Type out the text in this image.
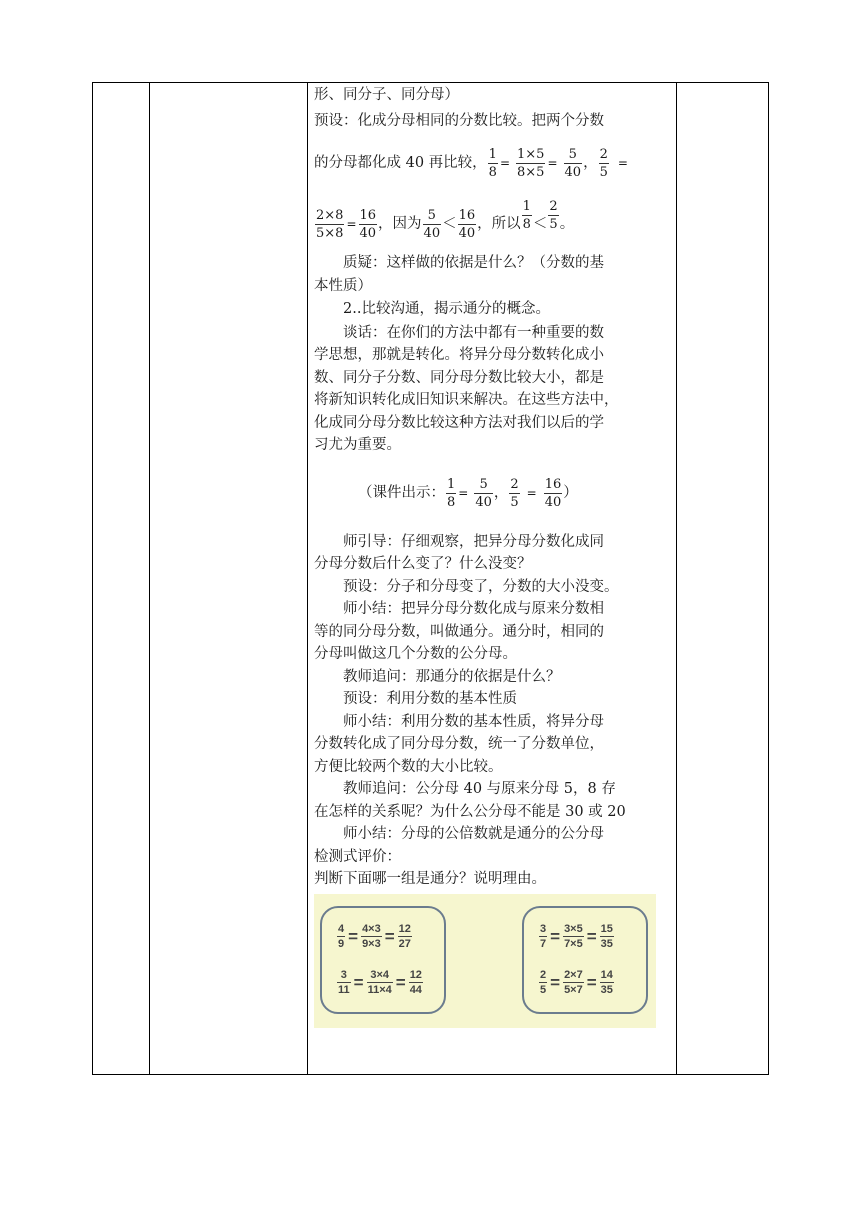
形、同分子、同分母）

预设：化成分母相同的分数比较。把两个分数

的分母都化成 40 再比较， $\frac{1}{8} = \frac{1\times 5}{8\times 5} = \frac{5}{40}$ ， $\frac{2}{5}$ =
$\frac{2\times 8}{5\times 8} = \frac{16}{40}$ ，因为 $\frac{5}{40} < \frac{16}{40}$ ，所以 $\frac{1}{8} < \frac{2}{5}$ 。

质疑：这样做的依据是什么？（分数的基

本性质）

2..比较沟通，揭示通分的概念。

谈话：在你们的方法中都有一种重要的数

学思想，那就是转化。将异分母分数转化成小

数、同分子分数、同分母分数比较大小，都是

将新知识转化成旧知识来解决。在这些方法中，

化成同分母分数比较这种方法对我们以后的学

习尤为重要。

（课件出示： $\frac{1}{8} = \frac{5}{40}$ ， $\frac{2}{5} = \frac{16}{40}$ ）

师引导：仔细观察，把异分母分数化成同

分母分数后什么变了？什么没变？

预设：分子和分母变了，分数的大小没变。

师小结：把异分母分数化成与原来分数相

等的同分母分数，叫做通分。通分时，相同的

分母叫做这几个分数的公分母。

教师追问：那通分的依据是什么？

预设：利用分数的基本性质

师小结：利用分数的基本性质，将异分母

分数转化成了同分母分数，统一了分数单位，

方便比较两个数的大小比较。

教师追问：公分母 40 与原来分母 5，8 存

在怎样的关系呢？为什么公分母不能是 30 或 20

师小结：分母的公倍数就是通分的公分母

检测式评价：

判断下面哪一组是通分？说明理由。

$\frac{4}{9} = \frac{4\times 3}{9\times 3} = \frac{12}{27}$
$\frac{3}{11} = \frac{3\times 4}{11\times 4} = \frac{12}{44}$
$\frac{3}{7} = \frac{3\times 5}{7\times 5} = \frac{15}{35}$
$\frac{2}{5} = \frac{2\times 7}{5\times 7} = \frac{14}{35}$
